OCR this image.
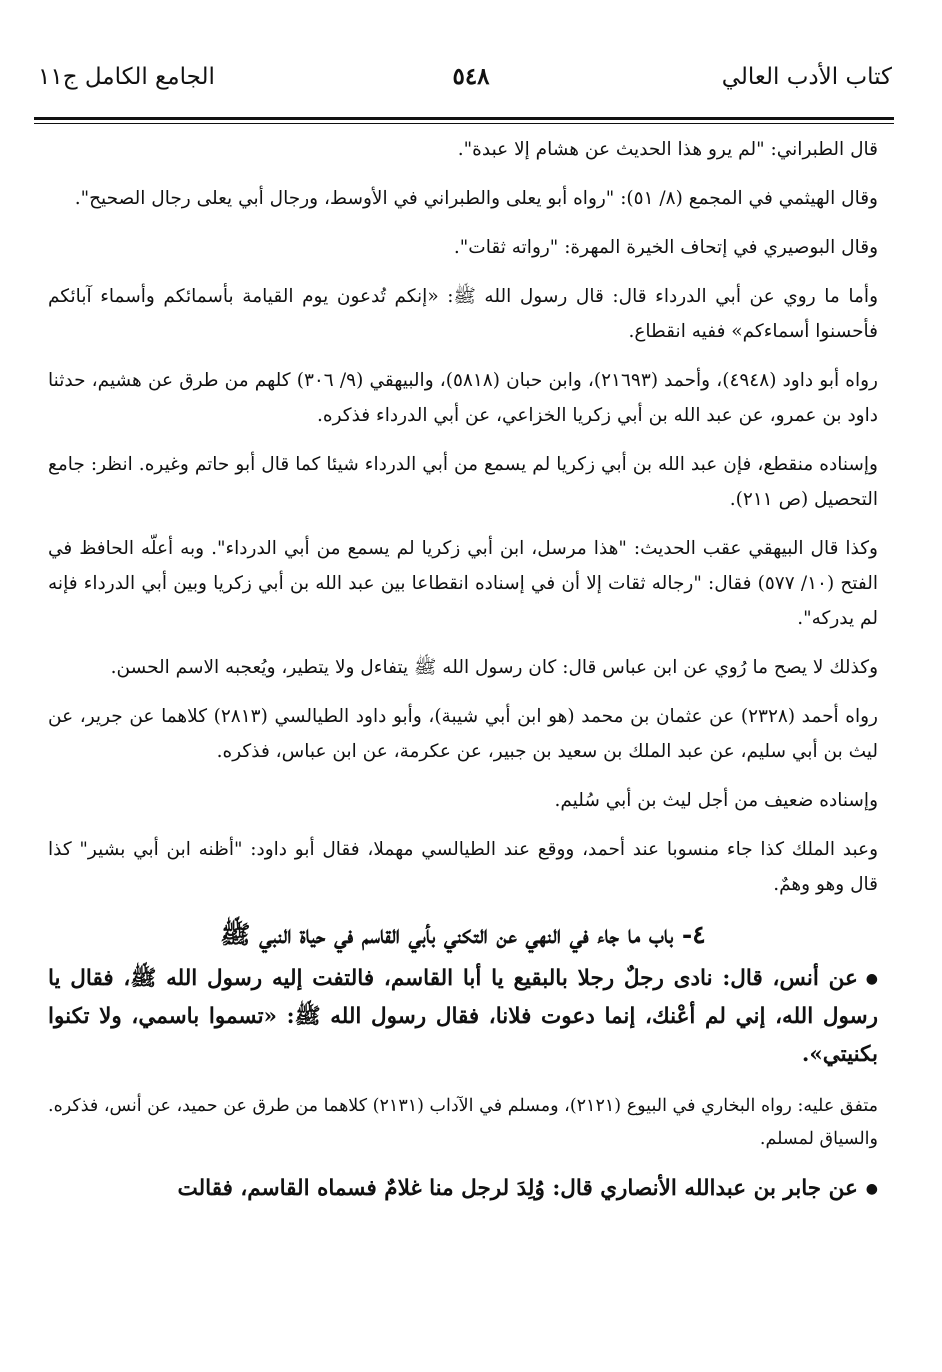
كتاب الأدب العالي
٥٤٨
الجامع الكامل ج١١

قال الطبراني: "لم يرو هذا الحديث عن هشام إلا عبدة".

وقال الهيثمي في المجمع (٨/ ٥١): "رواه أبو يعلى والطبراني في الأوسط، ورجال أبي يعلى رجال الصحيح".

وقال البوصيري في إتحاف الخيرة المهرة: "رواته ثقات".

وأما ما روي عن أبي الدرداء قال: قال رسول الله ﷺ: «إنكم تُدعون يوم القيامة بأسمائكم وأسماء آبائكم فأحسنوا أسماءكم» ففيه انقطاع.

رواه أبو داود (٤٩٤٨)، وأحمد (٢١٦٩٣)، وابن حبان (٥٨١٨)، والبيهقي (٩/ ٣٠٦) كلهم من طرق عن هشيم، حدثنا داود بن عمرو، عن عبد الله بن أبي زكريا الخزاعي، عن أبي الدرداء فذكره.

وإسناده منقطع، فإن عبد الله بن أبي زكريا لم يسمع من أبي الدرداء شيئا كما قال أبو حاتم وغيره. انظر: جامع التحصيل (ص ٢١١).

وكذا قال البيهقي عقب الحديث: "هذا مرسل، ابن أبي زكريا لم يسمع من أبي الدرداء". وبه أعلّه الحافظ في الفتح (١٠/ ٥٧٧) فقال: "رجاله ثقات إلا أن في إسناده انقطاعا بين عبد الله بن أبي زكريا وبين أبي الدرداء فإنه لم يدركه".

وكذلك لا يصح ما رُوي عن ابن عباس قال: كان رسول الله ﷺ يتفاءل ولا يتطير، ويُعجبه الاسم الحسن.

رواه أحمد (٢٣٢٨) عن عثمان بن محمد (هو ابن أبي شيبة)، وأبو داود الطيالسي (٢٨١٣) كلاهما عن جرير، عن ليث بن أبي سليم، عن عبد الملك بن سعيد بن جبير، عن عكرمة، عن ابن عباس، فذكره.

وإسناده ضعيف من أجل ليث بن أبي سُليم.

وعبد الملك كذا جاء منسوبا عند أحمد، ووقع عند الطيالسي مهملا، فقال أبو داود: "أظنه ابن أبي بشير" كذا قال وهو وهمٌ.

٤- باب ما جاء في النهي عن التكني بأبي القاسم في حياة النبي ﷺ

●عن أنس، قال: نادى رجلٌ رجلا بالبقيع يا أبا القاسم، فالتفت إليه رسول الله ﷺ، فقال يا رسول الله، إني لم أعْنك، إنما دعوت فلانا، فقال رسول الله ﷺ: «تسموا باسمي، ولا تكنوا بكنيتي».

متفق عليه: رواه البخاري في البيوع (٢١٢١)، ومسلم في الآداب (٢١٣١) كلاهما من طرق عن حميد، عن أنس، فذكره. والسياق لمسلم.

●عن جابر بن عبدالله الأنصاري قال: وُلِدَ لرجل منا غلامٌ فسماه القاسم، فقالت
